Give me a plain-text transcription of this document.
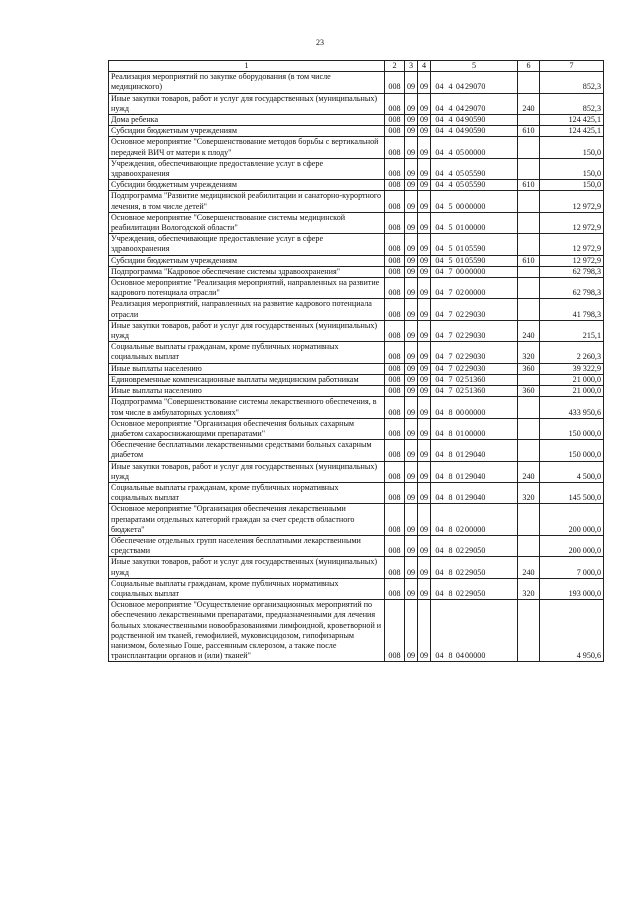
23
1	2	3	4	5	6	7
Реализация мероприятий по закупке оборудования (в том числе медицинского)	008	09	09	04 4 0429070		852,3
Иные закупки товаров, работ и услуг для государственных (муниципальных) нужд	008	09	09	04 4 0429070	240	852,3
Дома ребенка	008	09	09	04 4 0490590		124 425,1
Субсидии бюджетным учреждениям	008	09	09	04 4 0490590	610	124 425,1
Основное мероприятие "Совершенствование методов борьбы с вертикальной передачей ВИЧ от матери к плоду"	008	09	09	04 4 0500000		150,0
Учреждения, обеспечивающие предоставление услуг в сфере здравоохранения	008	09	09	04 4 0505590		150,0
Субсидии бюджетным учреждениям	008	09	09	04 4 0505590	610	150,0
Подпрограмма "Развитие медицинской реабилитации и санаторно-курортного лечения, в том числе детей"	008	09	09	04 5 0000000		12 972,9
Основное мероприятие "Совершенствование системы медицинской реабилитации Вологодской области"	008	09	09	04 5 0100000		12 972,9
Учреждения, обеспечивающие предоставление услуг в сфере здравоохранения	008	09	09	04 5 0105590		12 972,9
Субсидии бюджетным учреждениям	008	09	09	04 5 0105590	610	12 972,9
Подпрограмма "Кадровое обеспечение системы здравоохранения"	008	09	09	04 7 0000000		62 798,3
Основное мероприятие "Реализация мероприятий, направленных на развитие кадрового потенциала отрасли"	008	09	09	04 7 0200000		62 798,3
Реализация мероприятий, направленных на развитие кадрового потенциала отрасли	008	09	09	04 7 0229030		41 798,3
Иные закупки товаров, работ и услуг для государственных (муниципальных) нужд	008	09	09	04 7 0229030	240	215,1
Социальные выплаты гражданам, кроме публичных нормативных социальных выплат	008	09	09	04 7 0229030	320	2 260,3
Иные выплаты населению	008	09	09	04 7 0229030	360	39 322,9
Единовременные компенсационные выплаты медицинским работникам	008	09	09	04 7 0251360		21 000,0
Иные выплаты населению	008	09	09	04 7 0251360	360	21 000,0
Подпрограмма "Совершенствование системы лекарственного обеспечения, в том числе в амбулаторных условиях"	008	09	09	04 8 0000000		433 950,6
Основное мероприятие "Организация обеспечения больных сахарным диабетом сахароснижающими препаратами"	008	09	09	04 8 0100000		150 000,0
Обеспечение бесплатными лекарственными средствами больных сахарным диабетом	008	09	09	04 8 0129040		150 000,0
Иные закупки товаров, работ и услуг для государственных (муниципальных) нужд	008	09	09	04 8 0129040	240	4 500,0
Социальные выплаты гражданам, кроме публичных нормативных социальных выплат	008	09	09	04 8 0129040	320	145 500,0
Основное мероприятие "Организация обеспечения лекарственными препаратами отдельных категорий граждан за счет средств областного бюджета"	008	09	09	04 8 0200000		200 000,0
Обеспечение отдельных групп населения бесплатными лекарственными средствами	008	09	09	04 8 0229050		200 000,0
Иные закупки товаров, работ и услуг для государственных (муниципальных) нужд	008	09	09	04 8 0229050	240	7 000,0
Социальные выплаты гражданам, кроме публичных нормативных социальных выплат	008	09	09	04 8 0229050	320	193 000,0
Основное мероприятие "Осуществление организационных мероприятий по обеспечению лекарственными препаратами, предназначенными для лечения больных злокачественными новообразованиями лимфоидной, кроветворной и родственной им тканей, гемофилией, муковисцидозом, гипофизарным нанизмом, болезнью Гоше, рассеянным склерозом, а также после трансплантации органов и (или) тканей"	008	09	09	04 8 0400000		4 950,6
